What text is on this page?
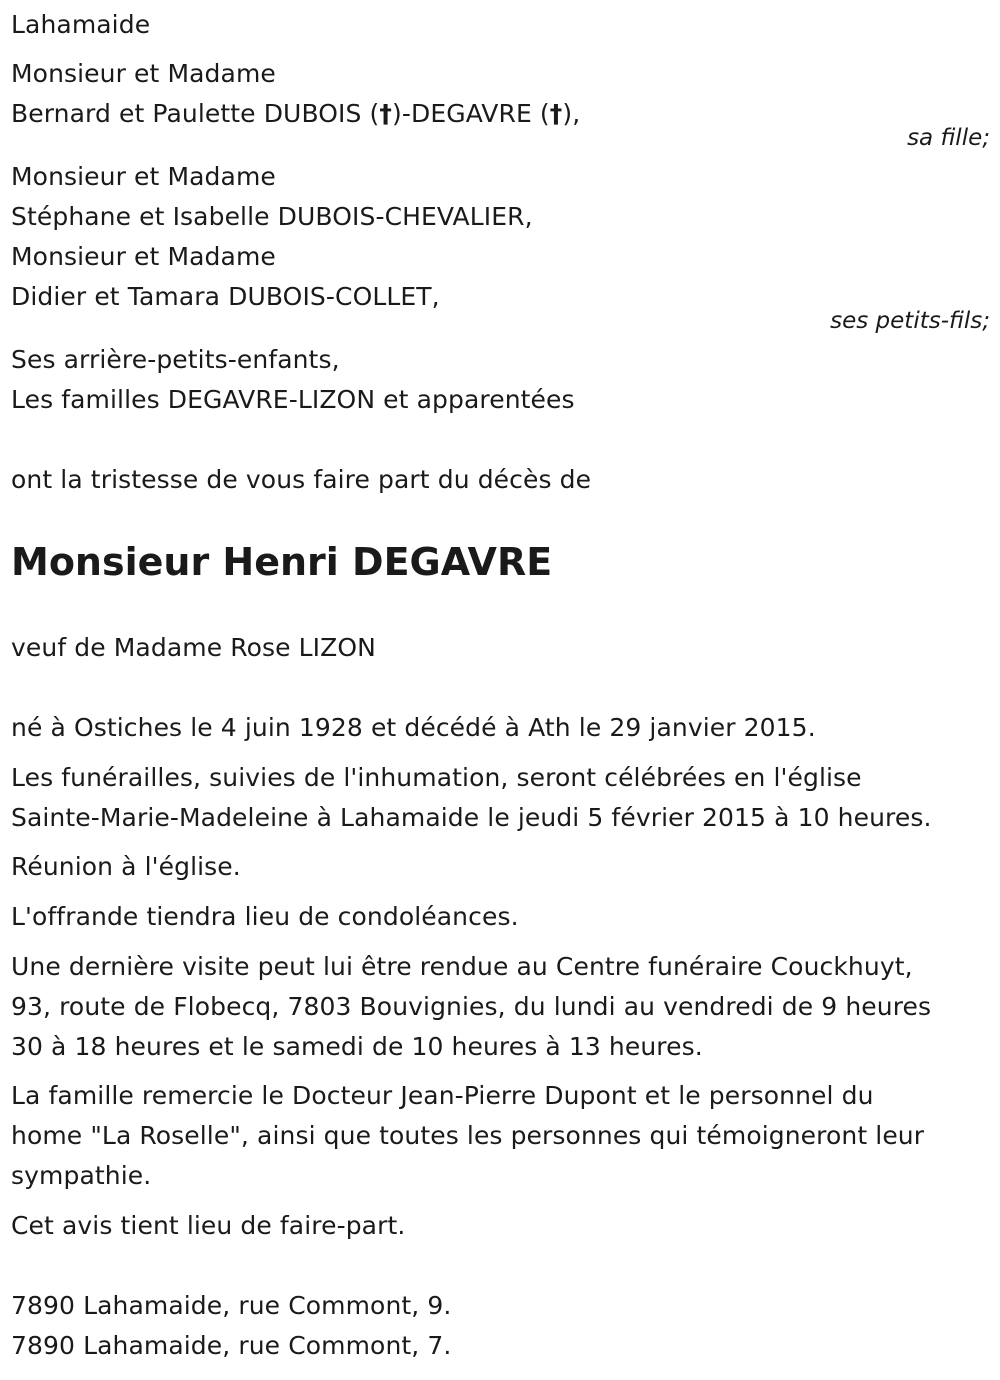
Lahamaide
Monsieur et Madame
Bernard et Paulette DUBOIS (†)-DEGAVRE (†),
sa fille;
Monsieur et Madame
Stéphane et Isabelle DUBOIS-CHEVALIER,
Monsieur et Madame
Didier et Tamara DUBOIS-COLLET,
ses petits-fils;
Ses arrière-petits-enfants,
Les familles DEGAVRE-LIZON et apparentées
ont la tristesse de vous faire part du décès de
Monsieur Henri DEGAVRE
veuf de Madame Rose LIZON
né à Ostiches le 4 juin 1928 et décédé à Ath le 29 janvier 2015.
Les funérailles, suivies de l'inhumation, seront célébrées en l'église
Sainte-Marie-Madeleine à Lahamaide le jeudi 5 février 2015 à 10 heures.
Réunion à l'église.
L'offrande tiendra lieu de condoléances.
Une dernière visite peut lui être rendue au Centre funéraire Couckhuyt,
93, route de Flobecq, 7803 Bouvignies, du lundi au vendredi de 9 heures
30 à 18 heures et le samedi de 10 heures à 13 heures.
La famille remercie le Docteur Jean-Pierre Dupont et le personnel du
home "La Roselle", ainsi que toutes les personnes qui témoigneront leur
sympathie.
Cet avis tient lieu de faire-part.
7890 Lahamaide, rue Commont, 9.
7890 Lahamaide, rue Commont, 7.
